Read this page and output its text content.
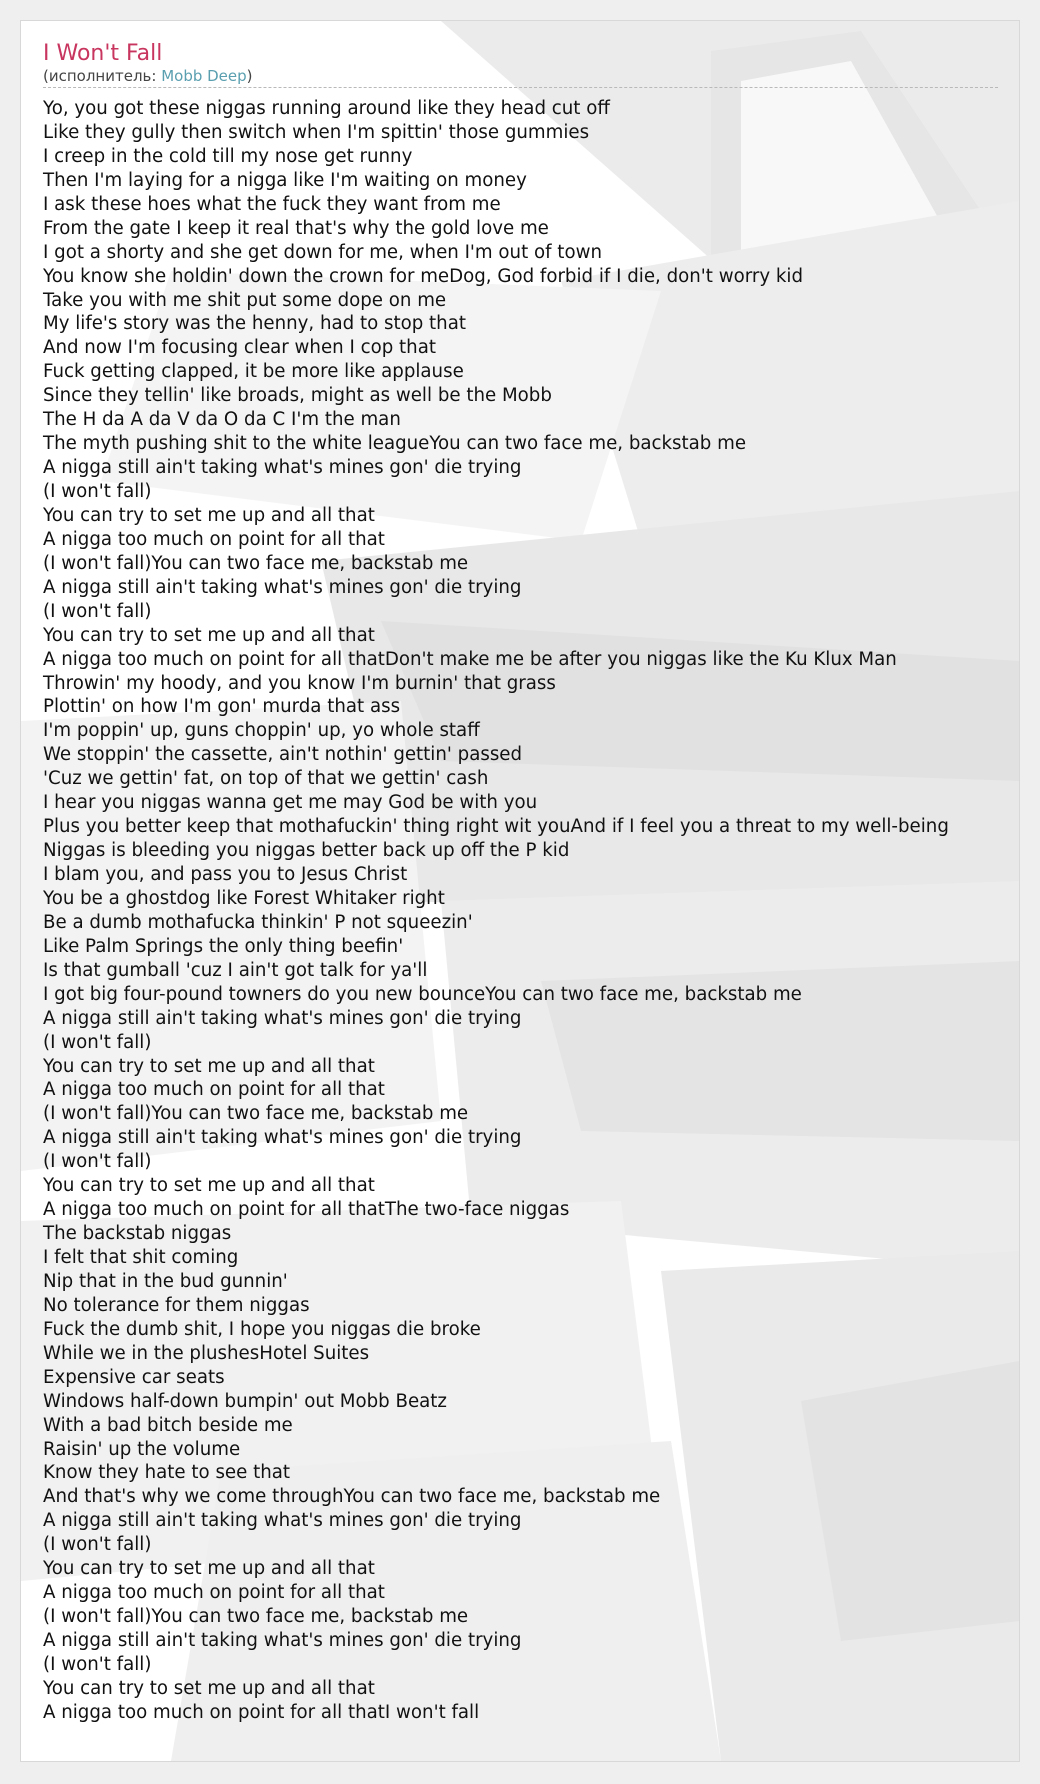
I Won't Fall
(исполнитель: Mobb Deep)
Yo, you got these niggas running around like they head cut off
Like they gully then switch when I'm spittin' those gummies
I creep in the cold till my nose get runny
Then I'm laying for a nigga like I'm waiting on money
I ask these hoes what the fuck they want from me
From the gate I keep it real that's why the gold love me
I got a shorty and she get down for me, when I'm out of town
You know she holdin' down the crown for meDog, God forbid if I die, don't worry kid
Take you with me shit put some dope on me
My life's story was the henny, had to stop that
And now I'm focusing clear when I cop that
Fuck getting clapped, it be more like applause
Since they tellin' like broads, might as well be the Mobb
The H da A da V da O da C I'm the man
The myth pushing shit to the white leagueYou can two face me, backstab me
A nigga still ain't taking what's mines gon' die trying
(I won't fall)
You can try to set me up and all that
A nigga too much on point for all that
(I won't fall)You can two face me, backstab me
A nigga still ain't taking what's mines gon' die trying
(I won't fall)
You can try to set me up and all that
A nigga too much on point for all thatDon't make me be after you niggas like the Ku Klux Man
Throwin' my hoody, and you know I'm burnin' that grass
Plottin' on how I'm gon' murda that ass
I'm poppin' up, guns choppin' up, yo whole staff
We stoppin' the cassette, ain't nothin' gettin' passed
'Cuz we gettin' fat, on top of that we gettin' cash
I hear you niggas wanna get me may God be with you
Plus you better keep that mothafuckin' thing right wit youAnd if I feel you a threat to my well-being
Niggas is bleeding you niggas better back up off the P kid
I blam you, and pass you to Jesus Christ
You be a ghostdog like Forest Whitaker right
Be a dumb mothafucka thinkin' P not squeezin'
Like Palm Springs the only thing beefin'
Is that gumball 'cuz I ain't got talk for ya'll
I got big four-pound towners do you new bounceYou can two face me, backstab me
A nigga still ain't taking what's mines gon' die trying
(I won't fall)
You can try to set me up and all that
A nigga too much on point for all that
(I won't fall)You can two face me, backstab me
A nigga still ain't taking what's mines gon' die trying
(I won't fall)
You can try to set me up and all that
A nigga too much on point for all thatThe two-face niggas
The backstab niggas
I felt that shit coming
Nip that in the bud gunnin'
No tolerance for them niggas
Fuck the dumb shit, I hope you niggas die broke
While we in the plushesHotel Suites
Expensive car seats
Windows half-down bumpin' out Mobb Beatz
With a bad bitch beside me
Raisin' up the volume
Know they hate to see that
And that's why we come throughYou can two face me, backstab me
A nigga still ain't taking what's mines gon' die trying
(I won't fall)
You can try to set me up and all that
A nigga too much on point for all that
(I won't fall)You can two face me, backstab me
A nigga still ain't taking what's mines gon' die trying
(I won't fall)
You can try to set me up and all that
A nigga too much on point for all thatI won't fall
